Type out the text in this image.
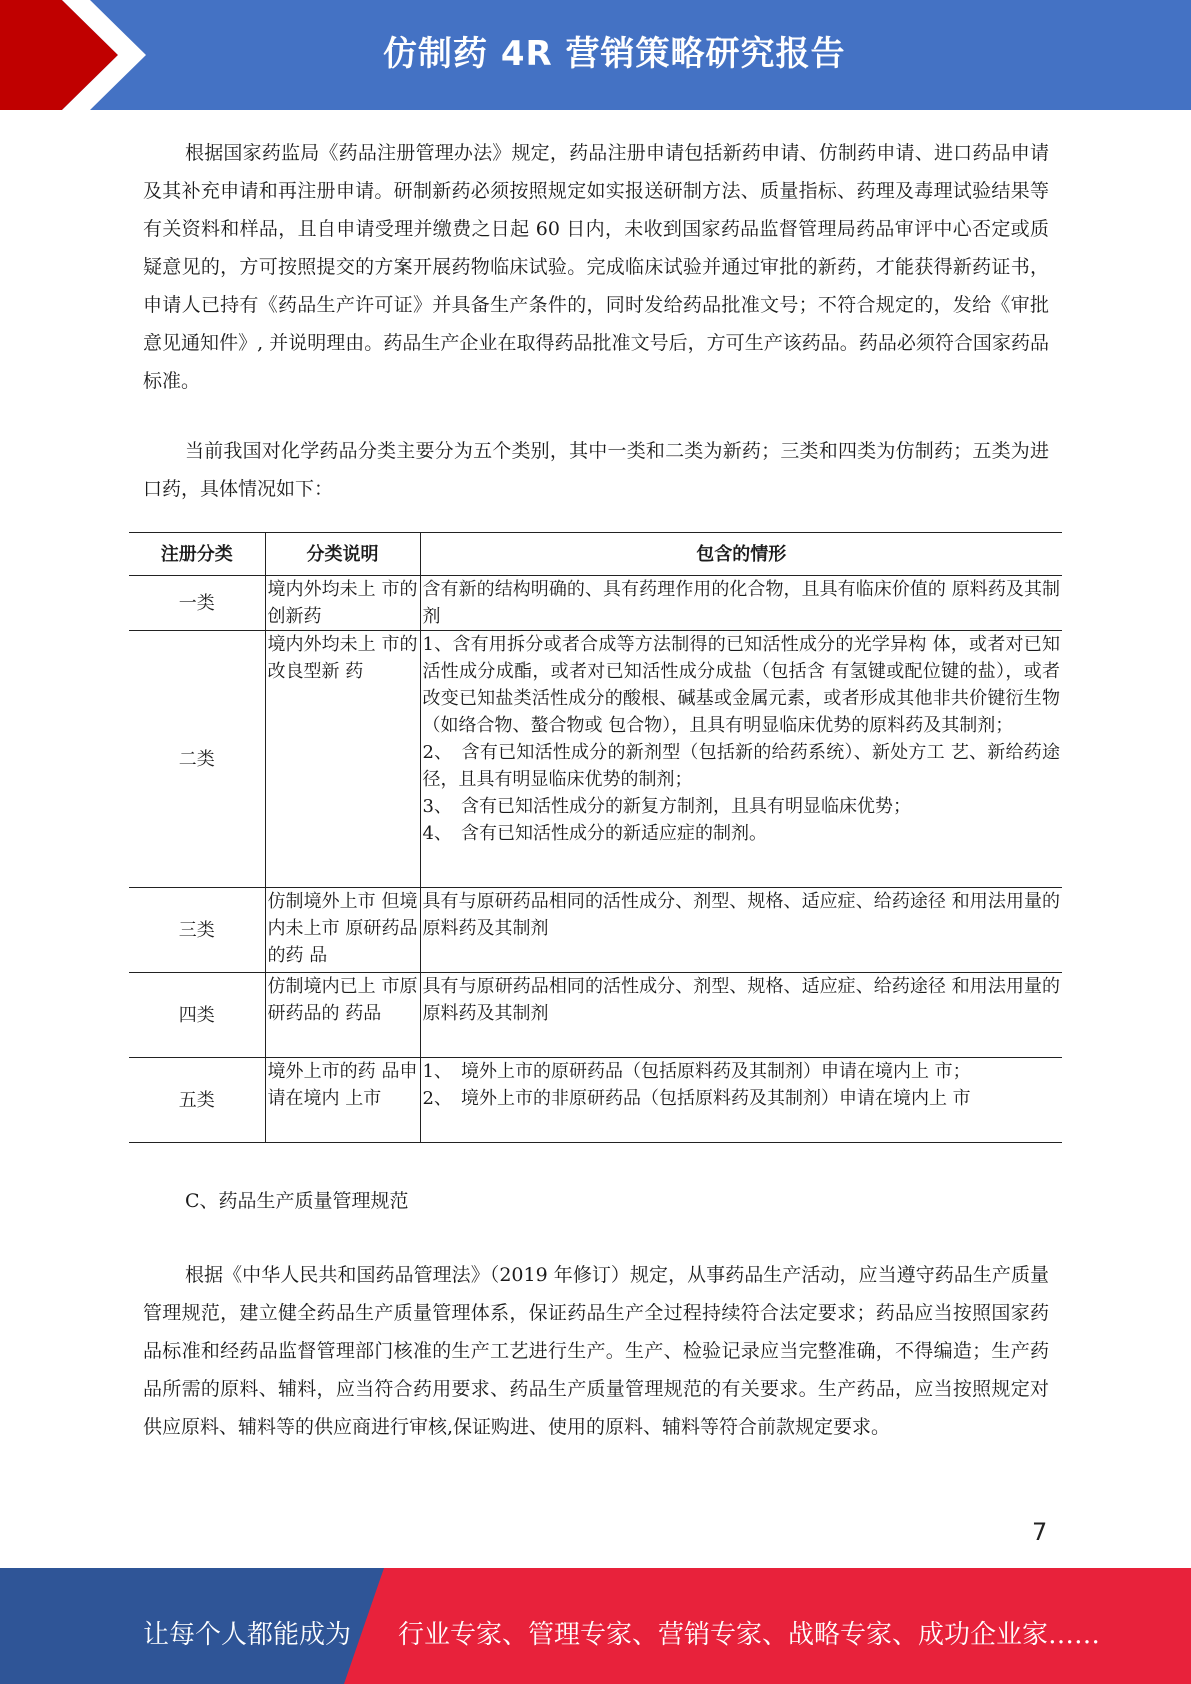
仿制药 4R 营销策略研究报告

根据国家药监局《药品注册管理办法》规定，药品注册申请包括新药申请、仿制药申请、进口药品申请及其补充申请和再注册申请。研制新药必须按照规定如实报送研制方法、质量指标、药理及毒理试验结果等有关资料和样品，且自申请受理并缴费之日起 60 日内，未收到国家药品监督管理局药品审评中心否定或质疑意见的，方可按照提交的方案开展药物临床试验。完成临床试验并通过审批的新药，才能获得新药证书，申请人已持有《药品生产许可证》并具备生产条件的，同时发给药品批准文号；不符合规定的，发给《审批意见通知件》, 并说明理由。药品生产企业在取得药品批准文号后，方可生产该药品。药品必须符合国家药品标准。

当前我国对化学药品分类主要分为五个类别，其中一类和二类为新药；三类和四类为仿制药；五类为进口药，具体情况如下：

注册分类	分类说明	包含的情形
一类	境内外均未上 市的创新药	含有新的结构明确的、具有药理作用的化合物，且具有临床价值的 原料药及其制剂

二类	境内外均未上 市的改良型新 药	1、含有用拆分或者合成等方法制得的已知活性成分的光学异构 体，或者对已知活性成分成酯，或者对已知活性成分成盐（包括含 有氢键或配位键的盐），或者改变已知盐类活性成分的酸根、碱基或金属元素，或者形成其他非共价键衍生物（如络合物、螯合物或 包合物），且具有明显临床优势的原料药及其制剂；
2、　含有已知活性成分的新剂型（包括新的给药系统）、新处方工 艺、新给药途径，且具有明显临床优势的制剂；
3、　含有已知活性成分的新复方制剂，且具有明显临床优势；
4、　含有已知活性成分的新适应症的制剂。

三类	仿制境外上市 但境内未上市 原研药品的药 品	具有与原研药品相同的活性成分、剂型、规格、适应症、给药途径 和用法用量的原料药及其制剂

四类	仿制境内已上 市原研药品的 药品	具有与原研药品相同的活性成分、剂型、规格、适应症、给药途径 和用法用量的原料药及其制剂

五类	境外上市的药 品申请在境内 上市	1、　境外上市的原研药品（包括原料药及其制剂）申请在境内上 市；
2、　境外上市的非原研药品（包括原料药及其制剂）申请在境内上 市
C、药品生产质量管理规范

根据《中华人民共和国药品管理法》（2019 年修订）规定，从事药品生产活动，应当遵守药品生产质量管理规范，建立健全药品生产质量管理体系，保证药品生产全过程持续符合法定要求；药品应当按照国家药品标准和经药品监督管理部门核准的生产工艺进行生产。生产、检验记录应当完整准确，不得编造；生产药品所需的原料、辅料，应当符合药用要求、药品生产质量管理规范的有关要求。生产药品，应当按照规定对供应原料、辅料等的供应商进行审核,保证购进、使用的原料、辅料等符合前款规定要求。

7
让每个人都能成为 行业专家、管理专家、营销专家、战略专家、成功企业家……
